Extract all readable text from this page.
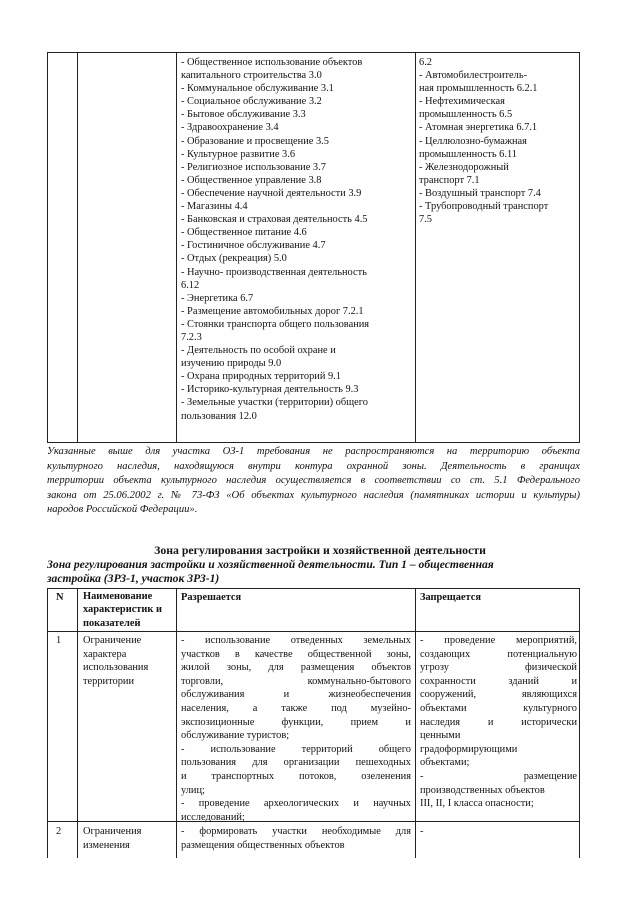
- Общественное использование объектов
капитального строительства 3.0
- Коммунальное обслуживание 3.1
- Социальное обслуживание 3.2
- Бытовое обслуживание 3.3
- Здравоохранение 3.4
- Образование и просвещение 3.5
- Культурное развитие 3.6
- Религиозное использование 3.7
- Общественное управление 3.8
- Обеспечение научной деятельности 3.9
- Магазины 4.4
- Банковская и страховая деятельность 4.5
- Общественное питание 4.6
- Гостиничное обслуживание 4.7
- Отдых (рекреация) 5.0
- Научно- производственная деятельность
6.12
- Энергетика 6.7
- Размещение автомобильных дорог 7.2.1
- Стоянки транспорта общего пользования
7.2.3
- Деятельность по особой охране и
изучению природы 9.0
- Охрана природных территорий 9.1
- Историко-культурная деятельность 9.3
- Земельные участки (территории) общего
пользования 12.0
6.2
- Автомобилестроитель-
ная промышленность 6.2.1
- Нефтехимическая
промышленность 6.5
- Атомная энергетика 6.7.1
- Целлюлозно-бумажная
промышленность 6.11
- Железнодорожный
транспорт 7.1
- Воздушный транспорт 7.4
- Трубопроводный транспорт
7.5
Указанные выше для участка ОЗ-1 требования не распространяются на территорию объекта
культурного наследия, находящуюся внутри контура охранной зоны. Деятельность в границах
территории объекта культурного наследия осуществляется в соответствии со ст. 5.1 Федерального
закона от 25.06.2002 г. № 73-ФЗ «Об объектах культурного наследия (памятниках истории и культуры)
народов Российской Федерации».
Зона регулирования застройки и хозяйственной деятельности
Зона регулирования застройки и хозяйственной деятельности. Тип 1 – общественная
застройка (ЗРЗ-1, участок ЗРЗ-1)
N Наименование
характеристик и
показателей
Разрешается	Запрещается
1 Ограничение
характера
использования
территории
- использование отведенных земельных
участков в качестве общественной зоны,
жилой зоны, для размещения объектов
торговли, коммунально-бытового
обслуживания и жизнеобеспечения
населения, а также под музейно-
экспозиционные функции, прием и
обслуживание туристов;
- использование территорий общего
пользования для организации пешеходных
и транспортных потоков, озеленения
улиц;
- проведение археологических и научных
исследований;
- проведение мероприятий,
создающих потенциальную
угрозу физической
сохранности зданий и
сооружений, являющихся
объектами культурного
наследия и исторически
ценными
градоформирующими
объектами;
- размещение
производственных объектов
III, II, I класса опасности;
2 Ограничения
изменения
- формировать участки необходимые для
размещения общественных объектов
-
